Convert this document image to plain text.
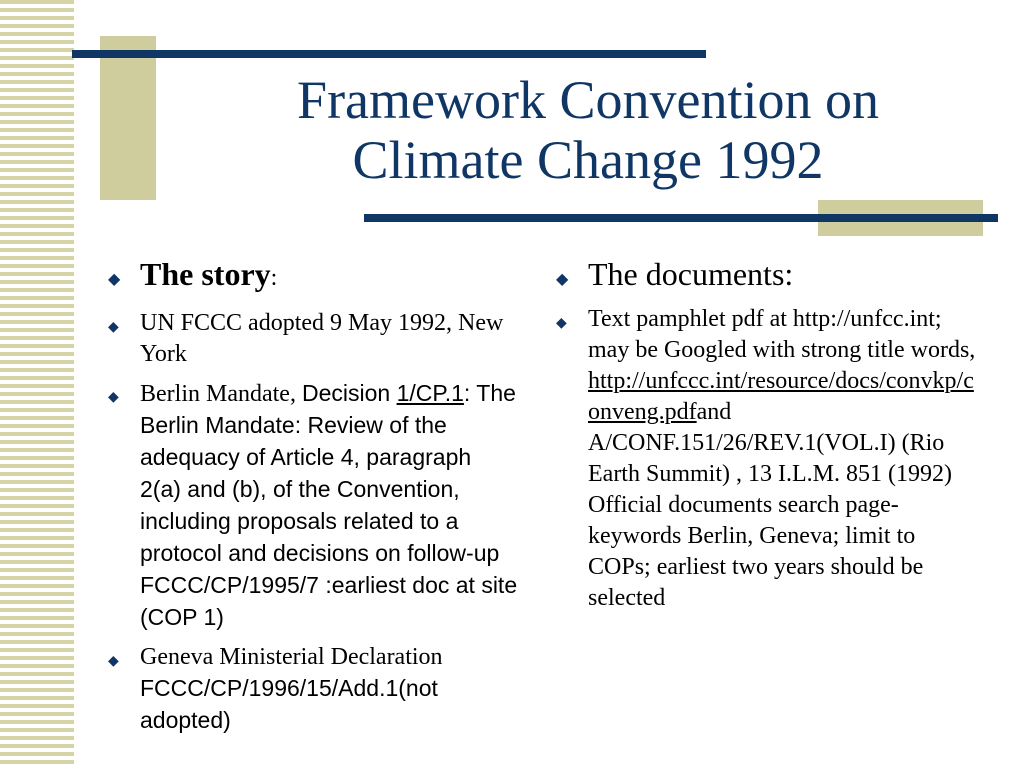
Framework Convention on
Climate Change 1992
◆ The story:
◆ UN FCCC adopted 9 May 1992, New York
◆ Berlin Mandate, Decision 1/CP.1: The Berlin Mandate: Review of the adequacy of Article 4, paragraph 2(a) and (b), of the Convention, including proposals related to a protocol and decisions on follow-up FCCC/CP/1995/7 :earliest doc at site (COP 1)
◆ Geneva Ministerial Declaration FCCC/CP/1996/15/Add.1(not adopted)
◆ The documents:
◆ Text pamphlet pdf at http://unfcc.int; may be Googled with strong title words, http://unfccc.int/resource/docs/convkp/conveng.pdfand A/CONF.151/26/REV.1(VOL.I) (Rio Earth Summit) , 13 I.L.M. 851 (1992) Official documents search page- keywords Berlin, Geneva; limit to COPs; earliest two years should be selected
